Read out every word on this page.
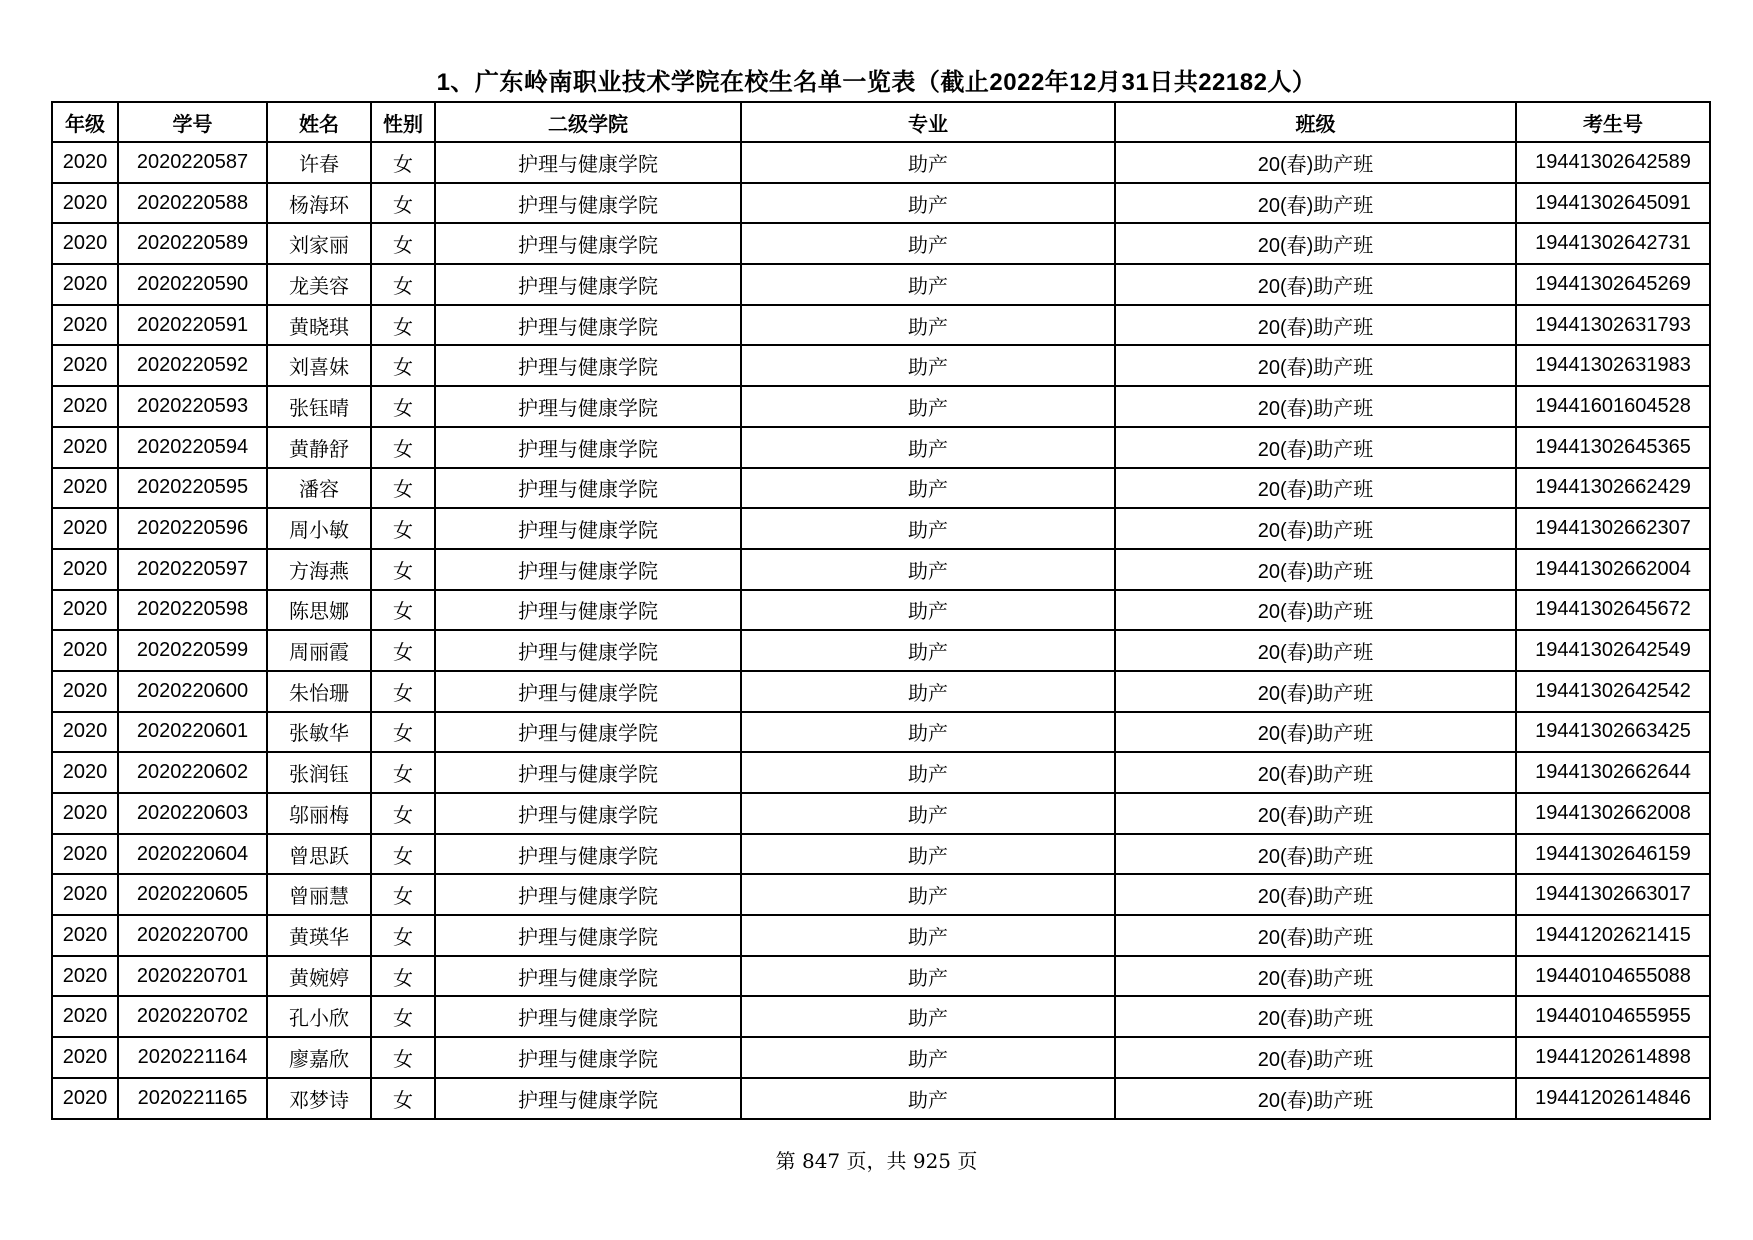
1、广东岭南职业技术学院在校生名单一览表（截止2022年12月31日共22182人）
年级	学号	姓名	性别	二级学院	专业	班级	考生号
2020	2020220587	许春	女	护理与健康学院	助产	20(春)助产班	19441302642589
2020	2020220588	杨海环	女	护理与健康学院	助产	20(春)助产班	19441302645091
2020	2020220589	刘家丽	女	护理与健康学院	助产	20(春)助产班	19441302642731
2020	2020220590	龙美容	女	护理与健康学院	助产	20(春)助产班	19441302645269
2020	2020220591	黄晓琪	女	护理与健康学院	助产	20(春)助产班	19441302631793
2020	2020220592	刘喜妹	女	护理与健康学院	助产	20(春)助产班	19441302631983
2020	2020220593	张钰晴	女	护理与健康学院	助产	20(春)助产班	19441601604528
2020	2020220594	黄静舒	女	护理与健康学院	助产	20(春)助产班	19441302645365
2020	2020220595	潘容	女	护理与健康学院	助产	20(春)助产班	19441302662429
2020	2020220596	周小敏	女	护理与健康学院	助产	20(春)助产班	19441302662307
2020	2020220597	方海燕	女	护理与健康学院	助产	20(春)助产班	19441302662004
2020	2020220598	陈思娜	女	护理与健康学院	助产	20(春)助产班	19441302645672
2020	2020220599	周丽霞	女	护理与健康学院	助产	20(春)助产班	19441302642549
2020	2020220600	朱怡珊	女	护理与健康学院	助产	20(春)助产班	19441302642542
2020	2020220601	张敏华	女	护理与健康学院	助产	20(春)助产班	19441302663425
2020	2020220602	张润钰	女	护理与健康学院	助产	20(春)助产班	19441302662644
2020	2020220603	邬丽梅	女	护理与健康学院	助产	20(春)助产班	19441302662008
2020	2020220604	曾思跃	女	护理与健康学院	助产	20(春)助产班	19441302646159
2020	2020220605	曾丽慧	女	护理与健康学院	助产	20(春)助产班	19441302663017
2020	2020220700	黄瑛华	女	护理与健康学院	助产	20(春)助产班	19441202621415
2020	2020220701	黄婉婷	女	护理与健康学院	助产	20(春)助产班	19440104655088
2020	2020220702	孔小欣	女	护理与健康学院	助产	20(春)助产班	19440104655955
2020	2020221164	廖嘉欣	女	护理与健康学院	助产	20(春)助产班	19441202614898
2020	2020221165	邓梦诗	女	护理与健康学院	助产	20(春)助产班	19441202614846
第 847 页，共 925 页
